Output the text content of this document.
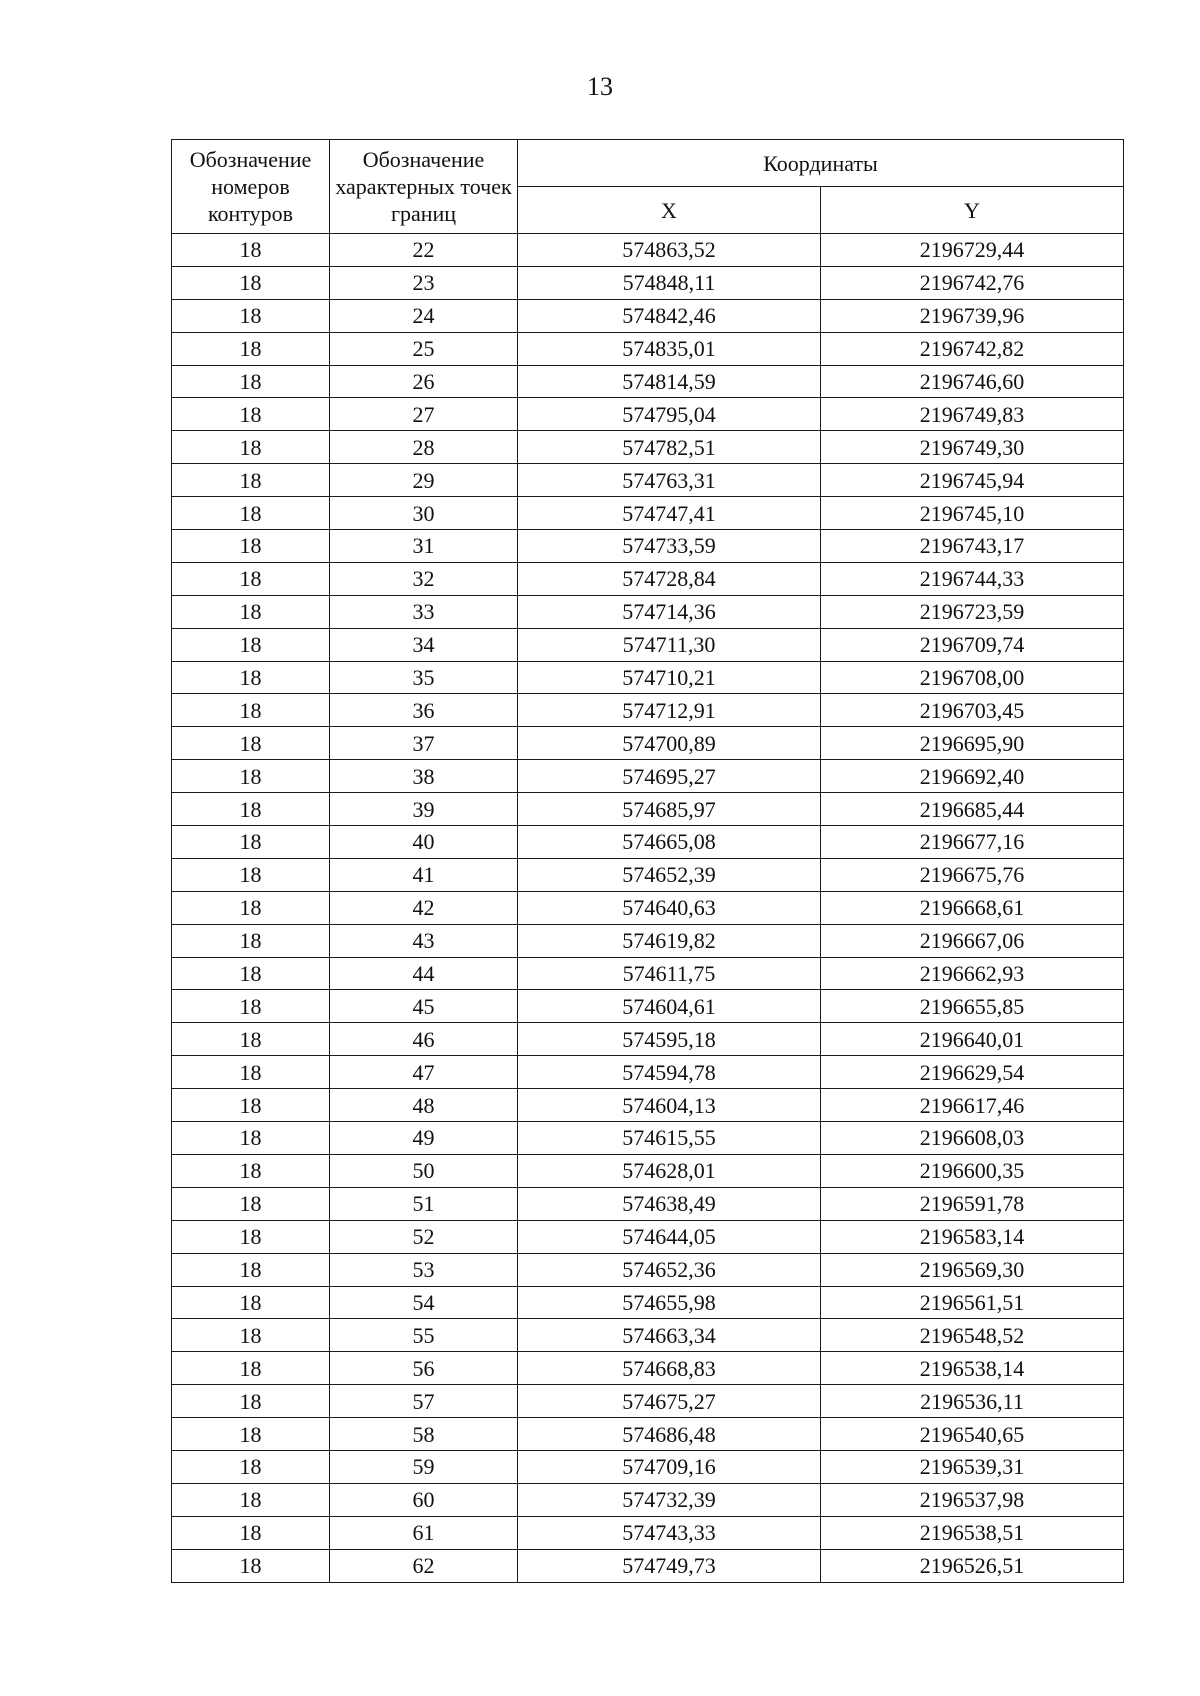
13
Обозначение номеров контуров	Обозначение характерных точек границ	Координаты	
		X	Y
18	22	574863,52	2196729,44
18	23	574848,11	2196742,76
18	24	574842,46	2196739,96
18	25	574835,01	2196742,82
18	26	574814,59	2196746,60
18	27	574795,04	2196749,83
18	28	574782,51	2196749,30
18	29	574763,31	2196745,94
18	30	574747,41	2196745,10
18	31	574733,59	2196743,17
18	32	574728,84	2196744,33
18	33	574714,36	2196723,59
18	34	574711,30	2196709,74
18	35	574710,21	2196708,00
18	36	574712,91	2196703,45
18	37	574700,89	2196695,90
18	38	574695,27	2196692,40
18	39	574685,97	2196685,44
18	40	574665,08	2196677,16
18	41	574652,39	2196675,76
18	42	574640,63	2196668,61
18	43	574619,82	2196667,06
18	44	574611,75	2196662,93
18	45	574604,61	2196655,85
18	46	574595,18	2196640,01
18	47	574594,78	2196629,54
18	48	574604,13	2196617,46
18	49	574615,55	2196608,03
18	50	574628,01	2196600,35
18	51	574638,49	2196591,78
18	52	574644,05	2196583,14
18	53	574652,36	2196569,30
18	54	574655,98	2196561,51
18	55	574663,34	2196548,52
18	56	574668,83	2196538,14
18	57	574675,27	2196536,11
18	58	574686,48	2196540,65
18	59	574709,16	2196539,31
18	60	574732,39	2196537,98
18	61	574743,33	2196538,51
18	62	574749,73	2196526,51
